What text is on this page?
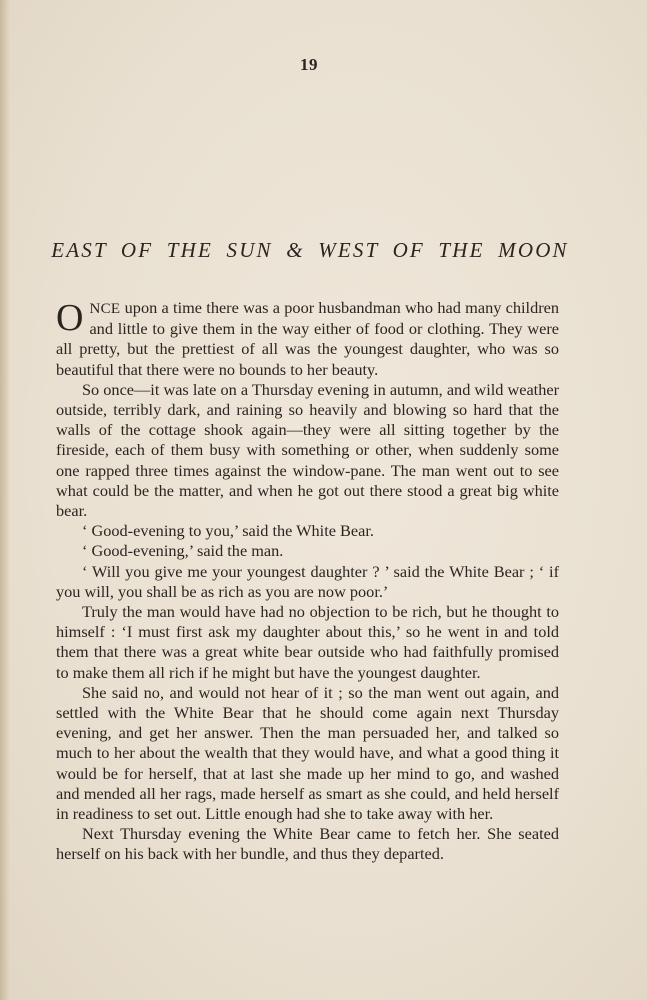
19
EAST OF THE SUN & WEST OF THE MOON

ONCE upon a time there was a poor husbandman who had many children and little to give them in the way either of food or clothing. They were all pretty, but the prettiest of all was the youngest daughter, who was so beautiful that there were no bounds to her beauty.

So once—it was late on a Thursday evening in autumn, and wild weather outside, terribly dark, and raining so heavily and blowing so hard that the walls of the cottage shook again—they were all sitting together by the fireside, each of them busy with something or other, when suddenly some one rapped three times against the window-pane. The man went out to see what could be the matter, and when he got out there stood a great big white bear.

‘ Good-evening to you,’ said the White Bear.

‘ Good-evening,’ said the man.

‘ Will you give me your youngest daughter ? ’ said the White Bear ; ‘ if you will, you shall be as rich as you are now poor.’

Truly the man would have had no objection to be rich, but he thought to himself : ‘I must first ask my daughter about this,’ so he went in and told them that there was a great white bear outside who had faithfully promised to make them all rich if he might but have the youngest daughter.

She said no, and would not hear of it ; so the man went out again, and settled with the White Bear that he should come again next Thursday evening, and get her answer. Then the man persuaded her, and talked so much to her about the wealth that they would have, and what a good thing it would be for herself, that at last she made up her mind to go, and washed and mended all her rags, made herself as smart as she could, and held herself in readiness to set out. Little enough had she to take away with her.

Next Thursday evening the White Bear came to fetch her. She seated herself on his back with her bundle, and thus they departed.
